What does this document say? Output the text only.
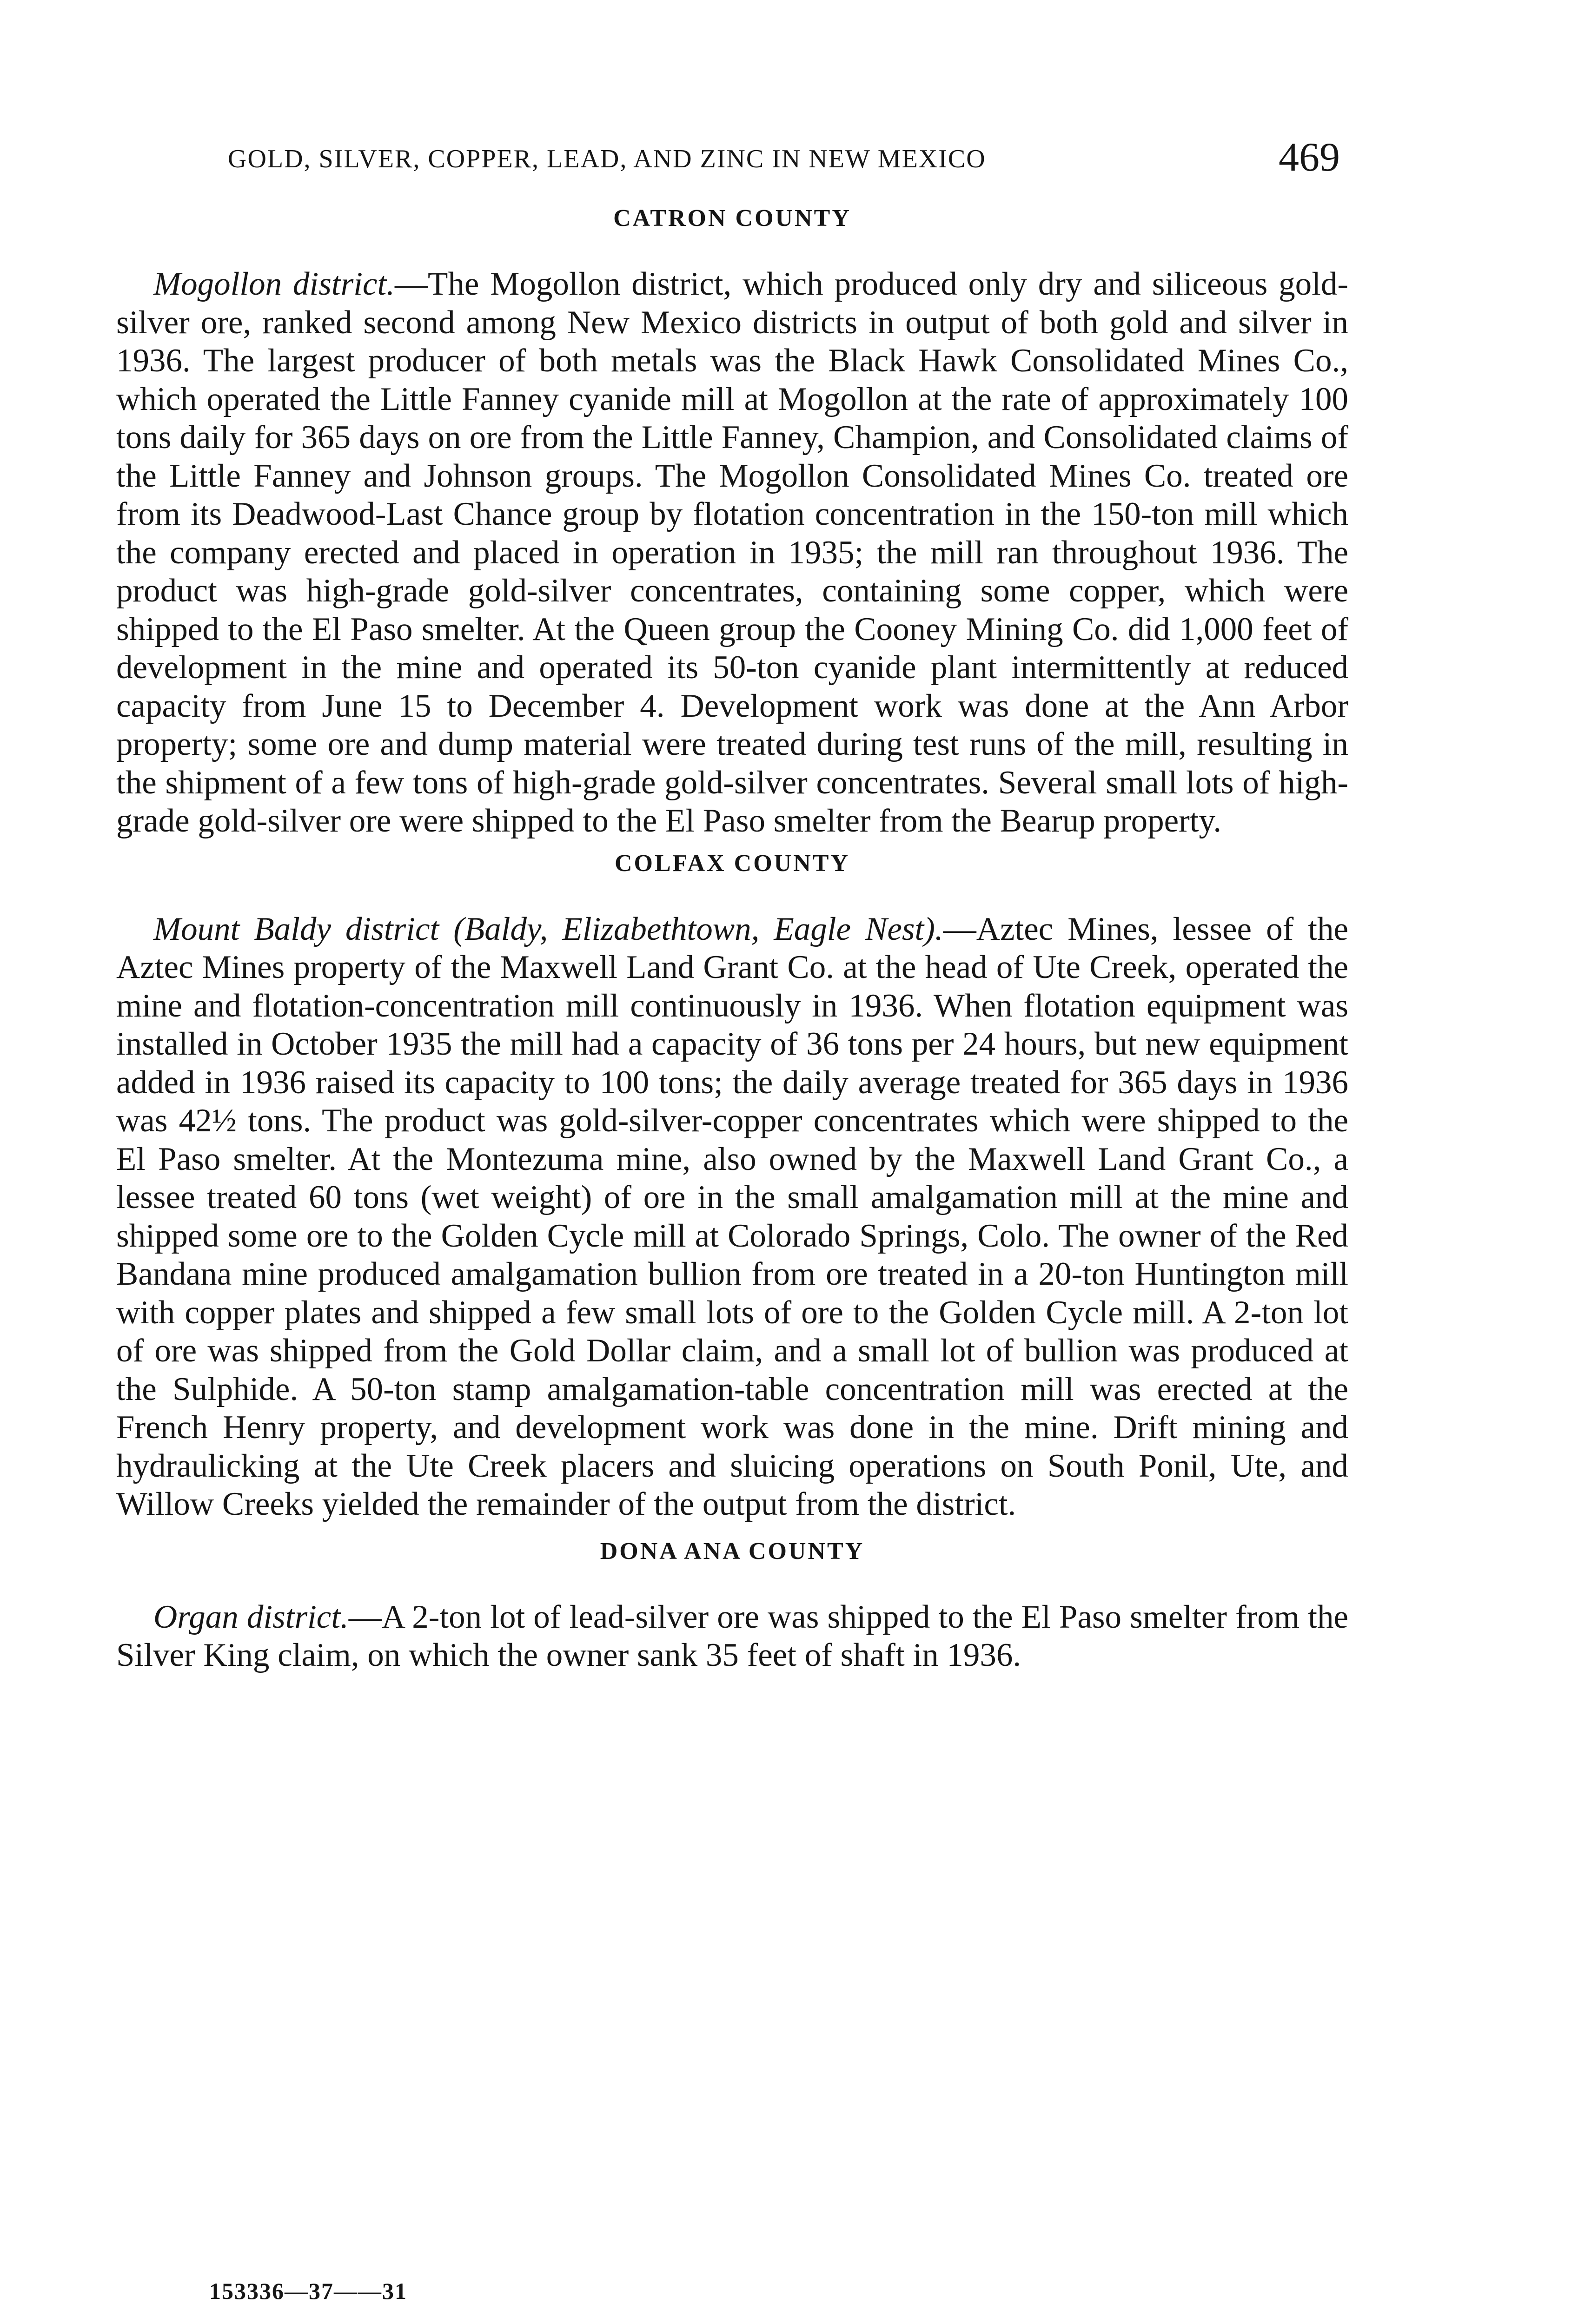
GOLD, SILVER, COPPER, LEAD, AND ZINC IN NEW MEXICO	469
CATRON COUNTY

Mogollon district.—The Mogollon district, which produced only dry and siliceous gold-silver ore, ranked second among New Mexico districts in output of both gold and silver in 1936. The largest producer of both metals was the Black Hawk Consolidated Mines Co., which operated the Little Fanney cyanide mill at Mogollon at the rate of approximately 100 tons daily for 365 days on ore from the Little Fanney, Champion, and Consolidated claims of the Little Fanney and Johnson groups. The Mogollon Consolidated Mines Co. treated ore from its Deadwood-Last Chance group by flotation concentration in the 150-ton mill which the company erected and placed in operation in 1935; the mill ran throughout 1936. The product was high-grade gold-silver concentrates, containing some copper, which were shipped to the El Paso smelter. At the Queen group the Cooney Mining Co. did 1,000 feet of development in the mine and operated its 50-ton cyanide plant intermittently at reduced capacity from June 15 to December 4. Development work was done at the Ann Arbor property; some ore and dump material were treated during test runs of the mill, resulting in the shipment of a few tons of high-grade gold-silver concentrates. Several small lots of high-grade gold-silver ore were shipped to the El Paso smelter from the Bearup property.

COLFAX COUNTY

Mount Baldy district (Baldy, Elizabethtown, Eagle Nest).—Aztec Mines, lessee of the Aztec Mines property of the Maxwell Land Grant Co. at the head of Ute Creek, operated the mine and flotation-concentration mill continuously in 1936. When flotation equipment was installed in October 1935 the mill had a capacity of 36 tons per 24 hours, but new equipment added in 1936 raised its capacity to 100 tons; the daily average treated for 365 days in 1936 was 42½ tons. The product was gold-silver-copper concentrates which were shipped to the El Paso smelter. At the Montezuma mine, also owned by the Maxwell Land Grant Co., a lessee treated 60 tons (wet weight) of ore in the small amalgamation mill at the mine and shipped some ore to the Golden Cycle mill at Colorado Springs, Colo. The owner of the Red Bandana mine produced amalgamation bullion from ore treated in a 20-ton Huntington mill with copper plates and shipped a few small lots of ore to the Golden Cycle mill. A 2-ton lot of ore was shipped from the Gold Dollar claim, and a small lot of bullion was produced at the Sulphide. A 50-ton stamp amalgamation-table concentration mill was erected at the French Henry property, and development work was done in the mine. Drift mining and hydraulicking at the Ute Creek placers and sluicing operations on South Ponil, Ute, and Willow Creeks yielded the remainder of the output from the district.

DONA ANA COUNTY

Organ district.—A 2-ton lot of lead-silver ore was shipped to the El Paso smelter from the Silver King claim, on which the owner sank 35 feet of shaft in 1936.

153336—37——31
